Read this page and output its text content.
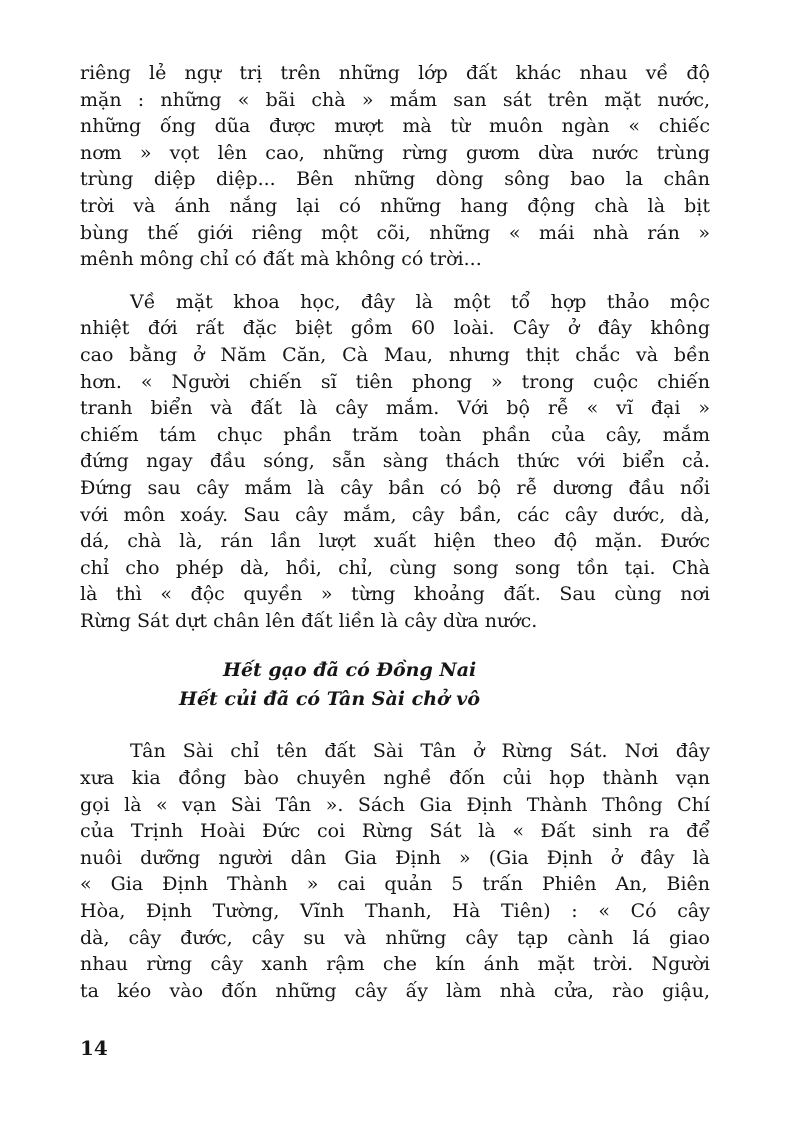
riêng lẻ ngự trị trên những lớp đất khác nhau về độ
mặn : những « bãi chà » mắm san sát trên mặt nước,
những ống dũa được mượt mà từ muôn ngàn « chiếc
nơm » vọt lên cao, những rừng gươm dừa nước trùng
trùng diệp diệp... Bên những dòng sông bao la chân
trời và ánh nắng lại có những hang động chà là bịt
bùng thế giới riêng một cõi, những « mái nhà rán »
mênh mông chỉ có đất mà không có trời...

Về mặt khoa học, đây là một tổ hợp thảo mộc
nhiệt đới rất đặc biệt gồm 60 loài. Cây ở đây không
cao bằng ở Năm Căn, Cà Mau, nhưng thịt chắc và bền
hơn. « Người chiến sĩ tiên phong » trong cuộc chiến
tranh biển và đất là cây mắm. Với bộ rễ « vĩ đại »
chiếm tám chục phần trăm toàn phần của cây, mắm
đứng ngay đầu sóng, sẵn sàng thách thức với biển cả.
Đứng sau cây mắm là cây bần có bộ rễ dương đầu nổi
với môn xoáy. Sau cây mắm, cây bần, các cây dước, dà,
dá, chà là, rán lần lượt xuất hiện theo độ mặn. Đước
chỉ cho phép dà, hồi, chỉ, cùng song song tồn tại. Chà
là thì « độc quyền » từng khoảng đất. Sau cùng nơi
Rừng Sát dựt chân lên đất liền là cây dừa nước.

Hết gạo đã có Đồng Nai
Hết củi đã có Tân Sài chở vô

Tân Sài chỉ tên đất Sài Tân ở Rừng Sát. Nơi đây
xưa kia đồng bào chuyên nghề đốn củi họp thành vạn
gọi là « vạn Sài Tân ». Sách Gia Định Thành Thông Chí
của Trịnh Hoài Đức coi Rừng Sát là « Đất sinh ra để
nuôi dưỡng người dân Gia Định » (Gia Định ở đây là
« Gia Định Thành » cai quản 5 trấn Phiên An, Biên
Hòa, Định Tường, Vĩnh Thanh, Hà Tiên) : « Có cây
dà, cây đước, cây su và những cây tạp cành lá giao
nhau rừng cây xanh rậm che kín ánh mặt trời. Người
ta kéo vào đốn những cây ấy làm nhà cửa, rào giậu,

14
